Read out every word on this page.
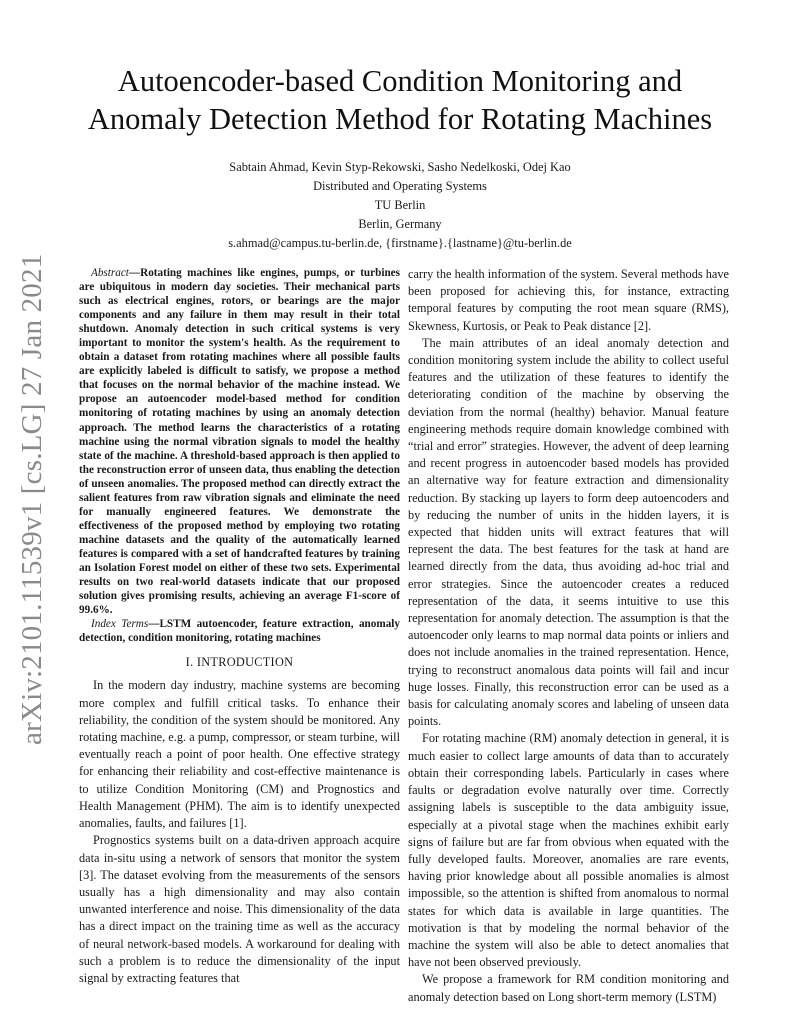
arXiv:2101.11539v1 [cs.LG] 27 Jan 2021
Autoencoder-based Condition Monitoring and
Anomaly Detection Method for Rotating Machines
Sabtain Ahmad, Kevin Styp-Rekowski, Sasho Nedelkoski, Odej Kao
Distributed and Operating Systems
TU Berlin
Berlin, Germany
s.ahmad@campus.tu-berlin.de, {firstname}.{lastname}@tu-berlin.de

Abstract—Rotating machines like engines, pumps, or turbines are ubiquitous in modern day societies. Their mechanical parts such as electrical engines, rotors, or bearings are the major components and any failure in them may result in their total shutdown. Anomaly detection in such critical systems is very important to monitor the system's health. As the requirement to obtain a dataset from rotating machines where all possible faults are explicitly labeled is difficult to satisfy, we propose a method that focuses on the normal behavior of the machine instead. We propose an autoencoder model-based method for condition monitoring of rotating machines by using an anomaly detection approach. The method learns the characteristics of a rotating machine using the normal vibration signals to model the healthy state of the machine. A threshold-based approach is then applied to the reconstruction error of unseen data, thus enabling the detection of unseen anomalies. The proposed method can directly extract the salient features from raw vibration signals and eliminate the need for manually engineered features. We demonstrate the effectiveness of the proposed method by employing two rotating machine datasets and the quality of the automatically learned features is compared with a set of handcrafted features by training an Isolation Forest model on either of these two sets. Experimental results on two real-world datasets indicate that our proposed solution gives promising results, achieving an average F1-score of 99.6%.

Index Terms—LSTM autoencoder, feature extraction, anomaly detection, condition monitoring, rotating machines

I. INTRODUCTION

In the modern day industry, machine systems are becoming more complex and fulfill critical tasks. To enhance their reliability, the condition of the system should be monitored. Any rotating machine, e.g. a pump, compressor, or steam turbine, will eventually reach a point of poor health. One effective strategy for enhancing their reliability and cost-effective maintenance is to utilize Condition Monitoring (CM) and Prognostics and Health Management (PHM). The aim is to identify unexpected anomalies, faults, and failures [1].

Prognostics systems built on a data-driven approach acquire data in-situ using a network of sensors that monitor the system [3]. The dataset evolving from the measurements of the sensors usually has a high dimensionality and may also contain unwanted interference and noise. This dimensionality of the data has a direct impact on the training time as well as the accuracy of neural network-based models. A workaround for dealing with such a problem is to reduce the dimensionality of the input signal by extracting features that

carry the health information of the system. Several methods have been proposed for achieving this, for instance, extracting temporal features by computing the root mean square (RMS), Skewness, Kurtosis, or Peak to Peak distance [2].

The main attributes of an ideal anomaly detection and condition monitoring system include the ability to collect useful features and the utilization of these features to identify the deteriorating condition of the machine by observing the deviation from the normal (healthy) behavior. Manual feature engineering methods require domain knowledge combined with “trial and error” strategies. However, the advent of deep learning and recent progress in autoencoder based models has provided an alternative way for feature extraction and dimensionality reduction. By stacking up layers to form deep autoencoders and by reducing the number of units in the hidden layers, it is expected that hidden units will extract features that will represent the data. The best features for the task at hand are learned directly from the data, thus avoiding ad-hoc trial and error strategies. Since the autoencoder creates a reduced representation of the data, it seems intuitive to use this representation for anomaly detection. The assumption is that the autoencoder only learns to map normal data points or inliers and does not include anomalies in the trained representation. Hence, trying to reconstruct anomalous data points will fail and incur huge losses. Finally, this reconstruction error can be used as a basis for calculating anomaly scores and labeling of unseen data points.

For rotating machine (RM) anomaly detection in general, it is much easier to collect large amounts of data than to accurately obtain their corresponding labels. Particularly in cases where faults or degradation evolve naturally over time. Correctly assigning labels is susceptible to the data ambiguity issue, especially at a pivotal stage when the machines exhibit early signs of failure but are far from obvious when equated with the fully developed faults. Moreover, anomalies are rare events, having prior knowledge about all possible anomalies is almost impossible, so the attention is shifted from anomalous to normal states for which data is available in large quantities. The motivation is that by modeling the normal behavior of the machine the system will also be able to detect anomalies that have not been observed previously.

We propose a framework for RM condition monitoring and anomaly detection based on Long short-term memory (LSTM)
